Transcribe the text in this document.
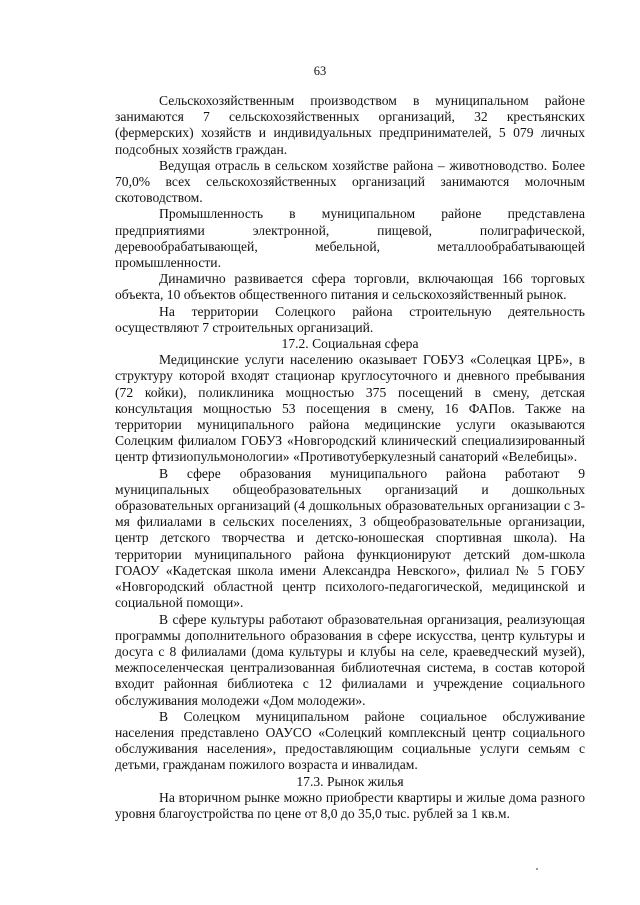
63

Сельскохозяйственным производством в муниципальном районе занимаются 7 сельскохозяйственных организаций, 32 крестьянских (фермерских) хозяйств и индивидуальных предпринимателей, 5 079 личных подсобных хозяйств граждан.

Ведущая отрасль в сельском хозяйстве района – животноводство. Более 70,0% всех сельскохозяйственных организаций занимаются молочным скотоводством.

Промышленность в муниципальном районе представлена предприятиями электронной, пищевой, полиграфической, деревообрабатывающей, мебельной, металлообрабатывающей промышленности.

Динамично развивается сфера торговли, включающая 166 торговых объекта, 10 объектов общественного питания и сельскохозяйственный рынок.

На территории Солецкого района строительную деятельность осуществляют 7 строительных организаций.

17.2. Социальная сфера

Медицинские услуги населению оказывает ГОБУЗ «Солецкая ЦРБ», в структуру которой входят стационар круглосуточного и дневного пребывания (72 койки), поликлиника мощностью 375 посещений в смену, детская консультация мощностью 53 посещения в смену, 16 ФАПов. Также на территории муниципального района медицинские услуги оказываются Солецким филиалом ГОБУЗ «Новгородский клинический специализированный центр фтизиопульмонологии» «Противотуберкулезный санаторий «Велебицы».

В сфере образования муниципального района работают 9 муниципальных общеобразовательных организаций и дошкольных образовательных организаций (4 дошкольных образовательных организации с 3-мя филиалами в сельских поселениях, 3 общеобразовательные организации, центр детского творчества и детско-юношеская спортивная школа). На территории муниципального района функционируют детский дом-школа ГОАОУ «Кадетская школа имени Александра Невского», филиал № 5 ГОБУ «Новгородский областной центр психолого-педагогической, медицинской и социальной помощи».

В сфере культуры работают образовательная организация, реализующая программы дополнительного образования в сфере искусства, центр культуры и досуга с 8 филиалами (дома культуры и клубы на селе, краеведческий музей), межпоселенческая централизованная библиотечная система, в состав которой входит районная библиотека с 12 филиалами и учреждение социального обслуживания молодежи «Дом молодежи».

В Солецком муниципальном районе социальное обслуживание населения представлено ОАУСО «Солецкий комплексный центр социального обслуживания населения», предоставляющим социальные услуги семьям с детьми, гражданам пожилого возраста и инвалидам.

17.3. Рынок жилья

На вторичном рынке можно приобрести квартиры и жилые дома разного уровня благоустройства по цене от 8,0 до 35,0 тыс. рублей за 1 кв.м.
